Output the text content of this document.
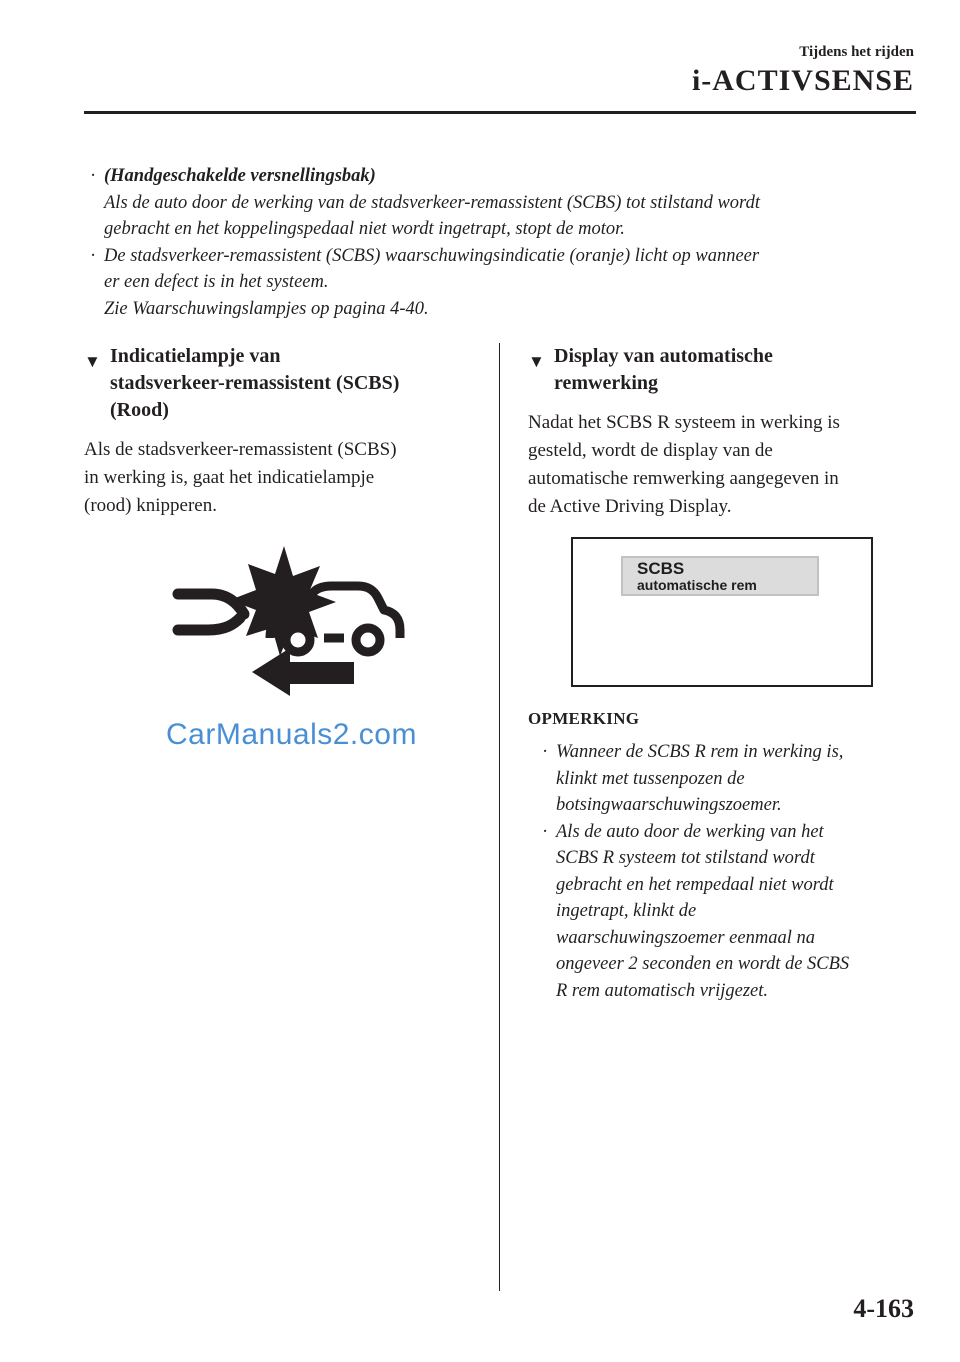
Tijdens het rijden
i-ACTIVSENSE
· (Handgeschakelde versnellingsbak)
Als de auto door de werking van de stadsverkeer-remassistent (SCBS) tot stilstand wordt
gebracht en het koppelingspedaal niet wordt ingetrapt, stopt de motor.
· De stadsverkeer-remassistent (SCBS) waarschuwingsindicatie (oranje) licht op wanneer
er een defect is in het systeem.
Zie Waarschuwingslampjes op pagina 4-40.
▼ Indicatielampje van
stadsverkeer-remassistent (SCBS)
(Rood)
Als de stadsverkeer-remassistent (SCBS)
in werking is, gaat het indicatielampje
(rood) knipperen.
CarManuals2.com
▼ Display van automatische
remwerking
Nadat het SCBS R systeem in werking is
gesteld, wordt de display van de
automatische remwerking aangegeven in
de Active Driving Display.
SCBS
automatische rem
OPMERKING
· Wanneer de SCBS R rem in werking is,
klinkt met tussenpozen de
botsingwaarschuwingszoemer.
· Als de auto door de werking van het
SCBS R systeem tot stilstand wordt
gebracht en het rempedaal niet wordt
ingetrapt, klinkt de
waarschuwingszoemer eenmaal na
ongeveer 2 seconden en wordt de SCBS
R rem automatisch vrijgezet.
4-163
